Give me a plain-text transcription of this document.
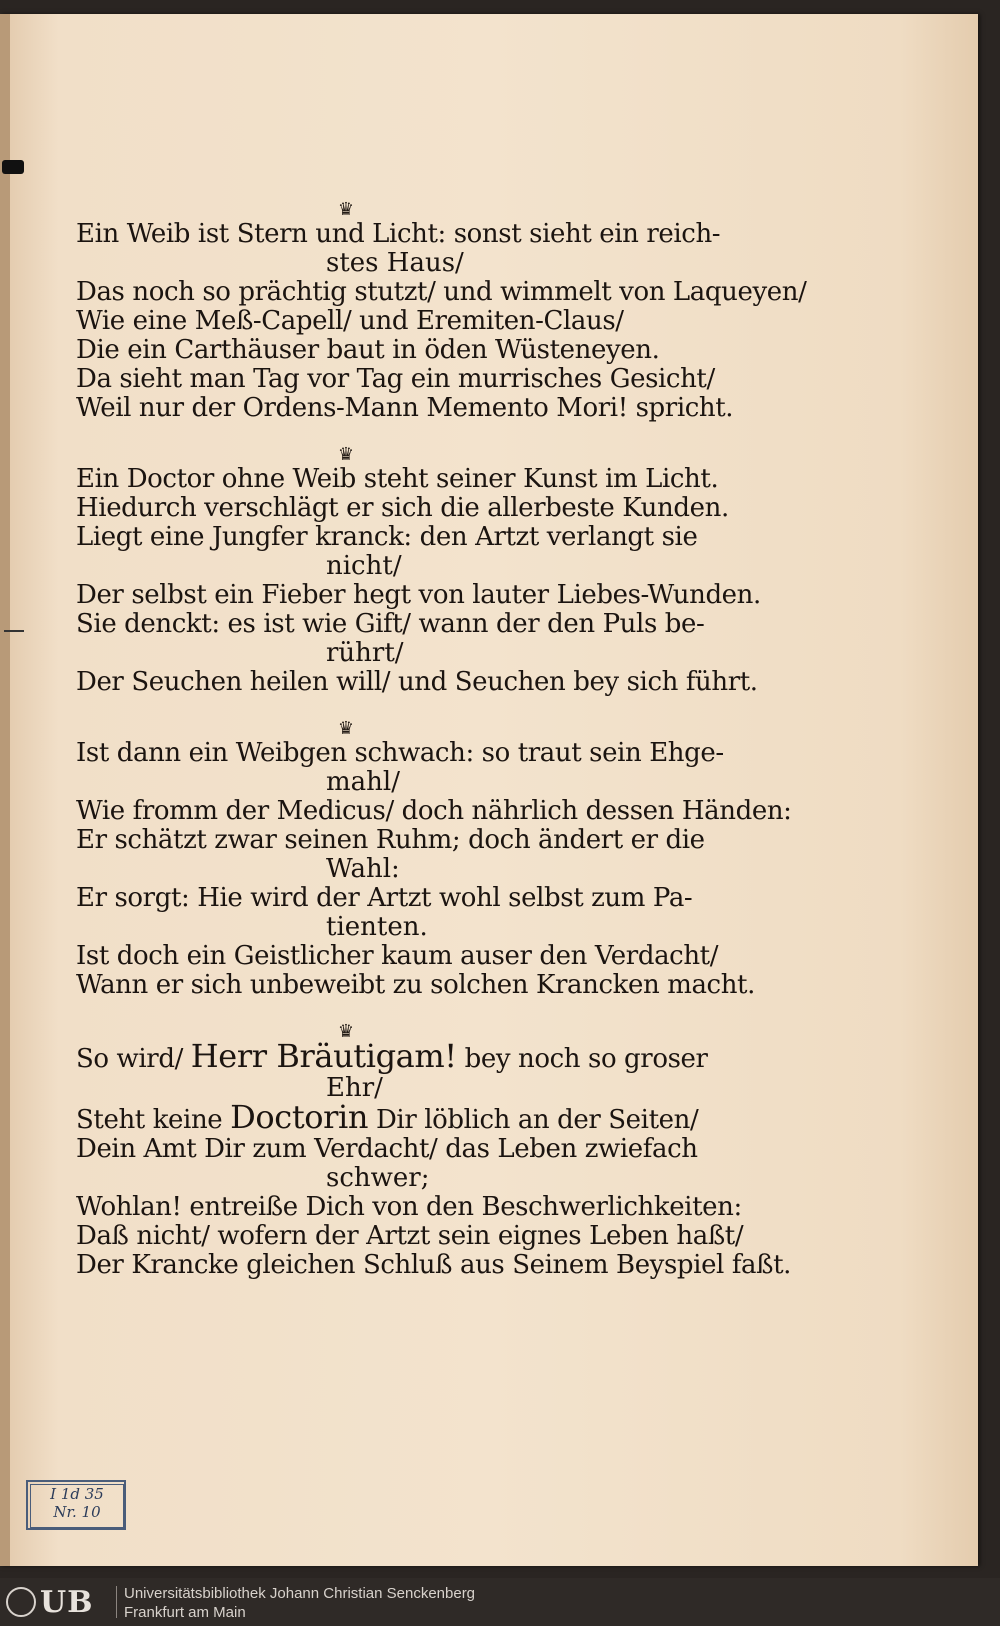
♛
Ein Weib ist Stern und Licht: sonst sieht ein reich-
stes Haus/
Das noch so prächtig stutzt/ und wimmelt von Laqueyen/
Wie eine Meß-Capell/ und Eremiten-Claus/
Die ein Carthäuser baut in öden Wüsteneyen.
Da sieht man Tag vor Tag ein murrisches Gesicht/
Weil nur der Ordens-Mann Memento Mori! spricht.
♛
Ein Doctor ohne Weib steht seiner Kunst im Licht.
Hiedurch verschlägt er sich die allerbeste Kunden.
Liegt eine Jungfer kranck: den Artzt verlangt sie
nicht/
Der selbst ein Fieber hegt von lauter Liebes-Wunden.
Sie denckt: es ist wie Gift/ wann der den Puls be-
rührt/
Der Seuchen heilen will/ und Seuchen bey sich führt.
♛
Ist dann ein Weibgen schwach: so traut sein Ehge-
mahl/
Wie fromm der Medicus/ doch nährlich dessen Händen:
Er schätzt zwar seinen Ruhm; doch ändert er die
Wahl:
Er sorgt: Hie wird der Artzt wohl selbst zum Pa-
tienten.
Ist doch ein Geistlicher kaum auser den Verdacht/
Wann er sich unbeweibt zu solchen Krancken macht.
♛
So wird/ Herr Bräutigam! bey noch so groser
Ehr/
Steht keine Doctorin Dir löblich an der Seiten/
Dein Amt Dir zum Verdacht/ das Leben zwiefach
schwer;
Wohlan! entreiße Dich von den Beschwerlichkeiten:
Daß nicht/ wofern der Artzt sein eignes Leben haßt/
Der Krancke gleichen Schluß aus Seinem Beyspiel faßt.
I 1d 35
Nr. 10
UB Universitätsbibliothek Johann Christian Senckenberg
Frankfurt am Main
